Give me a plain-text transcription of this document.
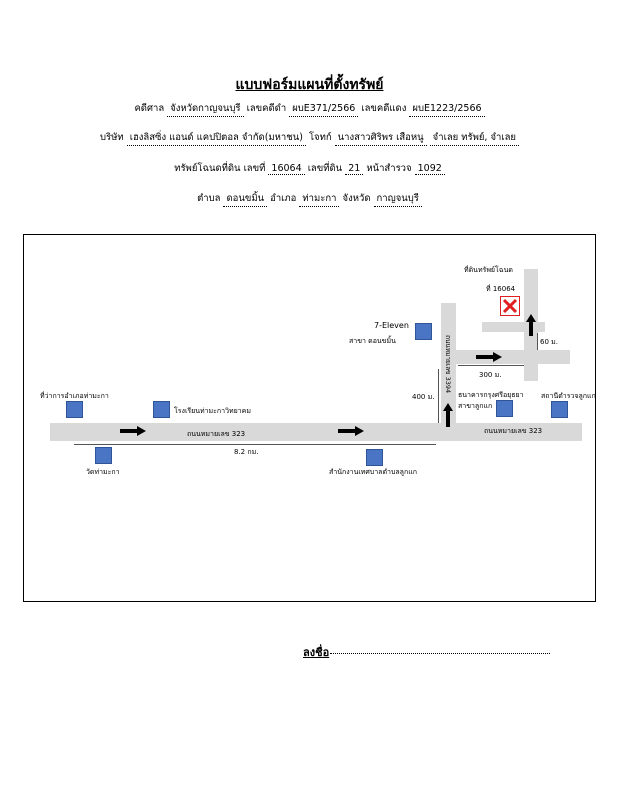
แบบฟอร์มแผนที่ตั้งทรัพย์
คดีศาล จังหวัดกาญจนบุรี เลขคดีดำ ผบE371/2566 เลขคดีแดง ผบE1223/2566
บริษัท เฮงลิสซิ่ง แอนด์ แคปปิตอล จำกัด(มหาชน) โจทก์ นางสาวศิริพร เสือหนู จำเลย ทรัพย์, จำเลย
ทรัพย์โฉนดที่ดิน เลขที่ 16064 เลขที่ดิน 21 หน้าสำรวจ 1092
ตำบล ดอนขมิ้น อำเภอ ท่ามะกา จังหวัด กาญจนบุรี
ที่ดินทรัพย์โฉนด
ที่ 16064
7-Eleven
สาขา ดอนขมิ้น	ถนนหมายเลข 3394	60 ม.
300 ม.
400 ม.
8.2 กม.
ธนาคารกรุงศรีอยุธยา
สาขาลูกแก
สถานีตำรวจลูกแก
ที่ว่าการอำเภอท่ามะกา
โรงเรียนท่ามะกาวิทยาคม
ถนนหมายเลข 323	ถนนหมายเลข 323
วัดท่ามะกา	สำนักงานเทศบาลตำบลลูกแก
ลงชื่อ
